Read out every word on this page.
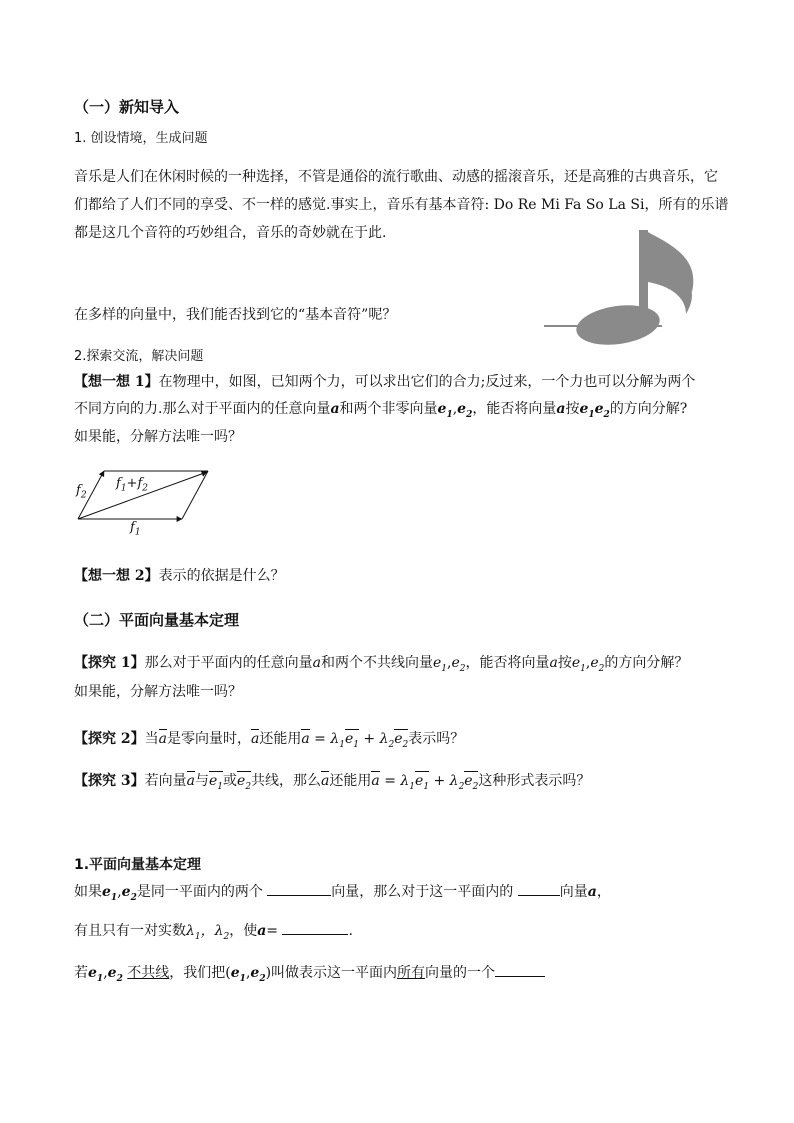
（一）新知导入
1. 创设情境，生成问题
音乐是人们在休闲时候的一种选择，不管是通俗的流行歌曲、动感的摇滚音乐，还是高雅的古典音乐，它
们都给了人们不同的享受、不一样的感觉.事实上，音乐有基本音符: Do Re Mi Fa So La Si，所有的乐谱
都是这几个音符的巧妙组合，音乐的奇妙就在于此.
在多样的向量中，我们能否找到它的“基本音符”呢？
2.探索交流，解决问题
【想一想 1】在物理中，如图，已知两个力，可以求出它们的合力;反过来，一个力也可以分解为两个
不同方向的力.那么对于平面内的任意向量a和两个非零向量$e_1,e_2$，能否将向量a按$e_1e_2$的方向分解?
如果能，分解方法唯一吗？
$f_2$
$f_1+f_2$
$f_1$
【想一想 2】表示的依据是什么？
（二）平面向量基本定理
【探究 1】那么对于平面内的任意向量a和两个不共线向量$e_1,e_2$，能否将向量a按$e_1,e_2$的方向分解？
如果能，分解方法唯一吗？
【探究 2】当a是零向量时，a还能用$a = \lambda_1e_1 + \lambda_2e_2$表示吗？
【探究 3】若向量a与$e_1$或$e_2$共线，那么a还能用$a = \lambda_1e_1 + \lambda_2e_2$这种形式表示吗？
1.平面向量基本定理
如果$e_1,e_2$是同一平面内的两个	向量，那么对于这一平面内的	向量a，
有且只有一对实数$\lambda_1$，$\lambda_2$，使a=	.
若$e_1,e_2$ 不共线，我们把$(e_1,e_2)$叫做表示这一平面内所有向量的一个
